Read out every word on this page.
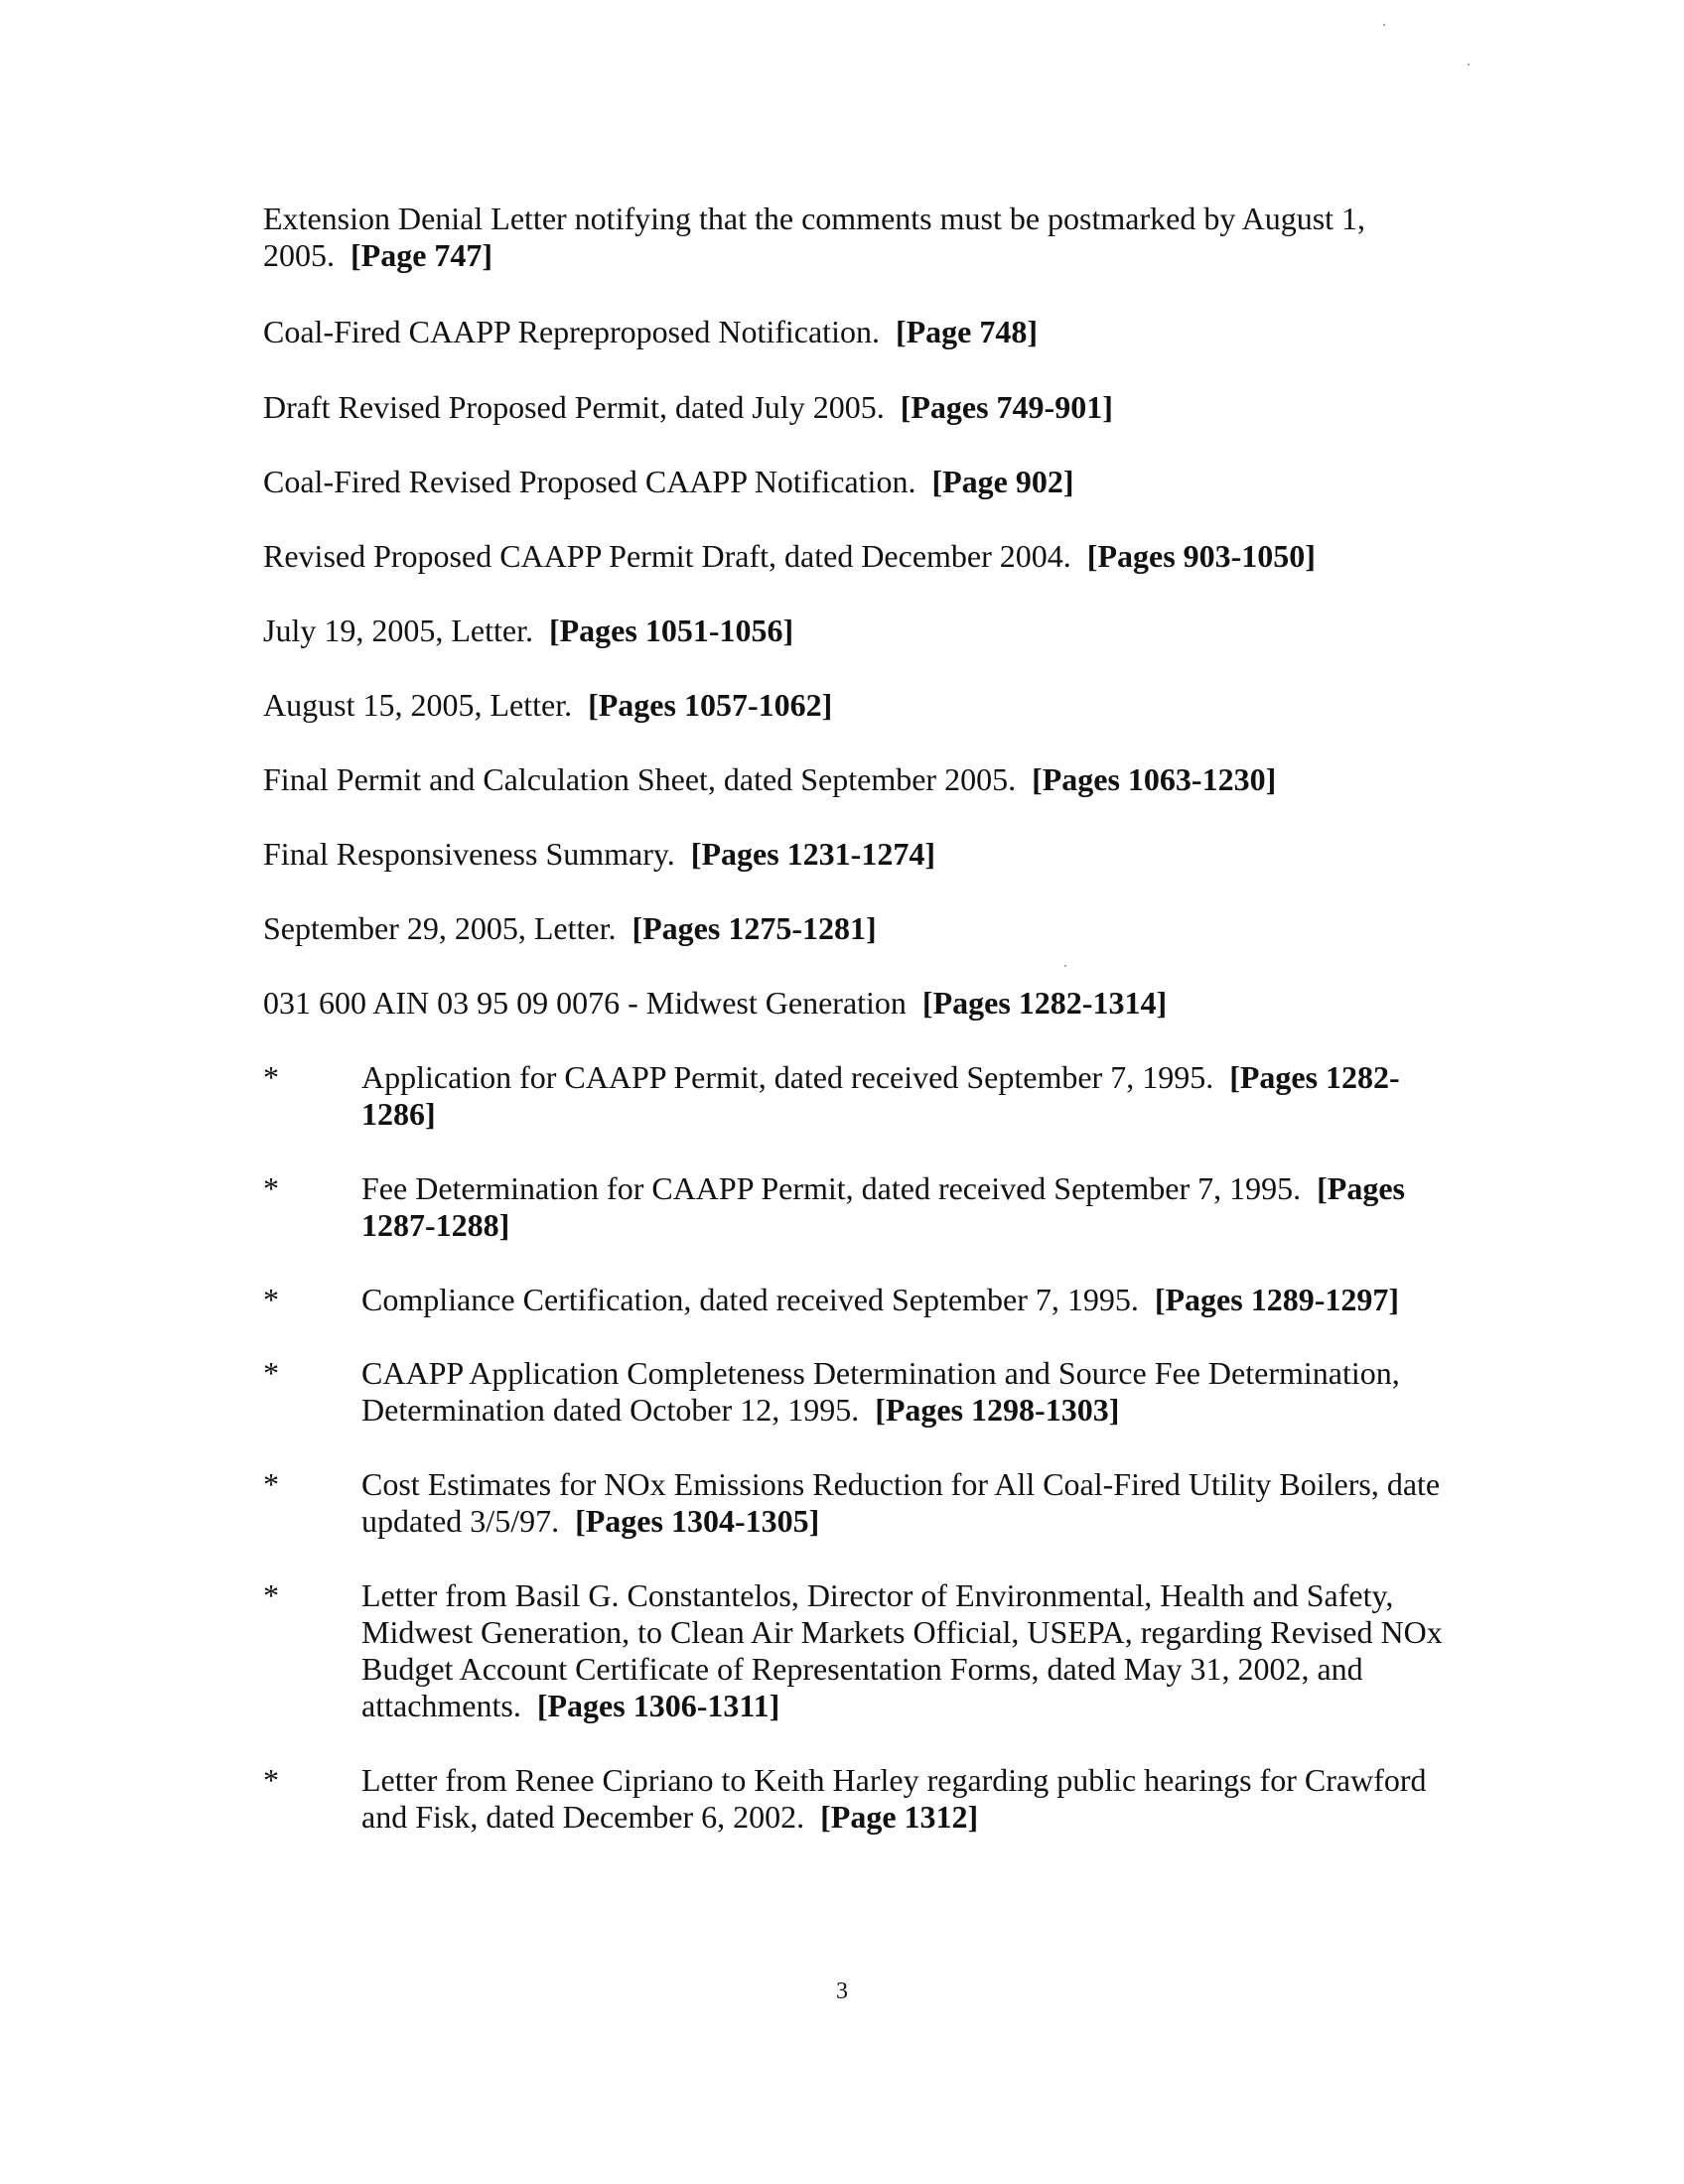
Extension Denial Letter notifying that the comments must be postmarked by August 1, 2005. [Page 747]

Coal-Fired CAAPP Repreproposed Notification. [Page 748]

Draft Revised Proposed Permit, dated July 2005. [Pages 749-901]

Coal-Fired Revised Proposed CAAPP Notification. [Page 902]

Revised Proposed CAAPP Permit Draft, dated December 2004. [Pages 903-1050]

July 19, 2005, Letter. [Pages 1051-1056]

August 15, 2005, Letter. [Pages 1057-1062]

Final Permit and Calculation Sheet, dated September 2005. [Pages 1063-1230]

Final Responsiveness Summary. [Pages 1231-1274]

September 29, 2005, Letter. [Pages 1275-1281]

031 600 AIN 03 95 09 0076 - Midwest Generation [Pages 1282-1314]

*	Application for CAAPP Permit, dated received September 7, 1995. [Pages 1282-1286]
*	Fee Determination for CAAPP Permit, dated received September 7, 1995. [Pages 1287-1288]
*	Compliance Certification, dated received September 7, 1995. [Pages 1289-1297]
*	CAAPP Application Completeness Determination and Source Fee Determination, Determination dated October 12, 1995. [Pages 1298-1303]
*	Cost Estimates for NOx Emissions Reduction for All Coal-Fired Utility Boilers, date updated 3/5/97. [Pages 1304-1305]
*	Letter from Basil G. Constantelos, Director of Environmental, Health and Safety, Midwest Generation, to Clean Air Markets Official, USEPA, regarding Revised NOx Budget Account Certificate of Representation Forms, dated May 31, 2002, and attachments. [Pages 1306-1311]
*	Letter from Renee Cipriano to Keith Harley regarding public hearings for Crawford and Fisk, dated December 6, 2002. [Page 1312]
3
